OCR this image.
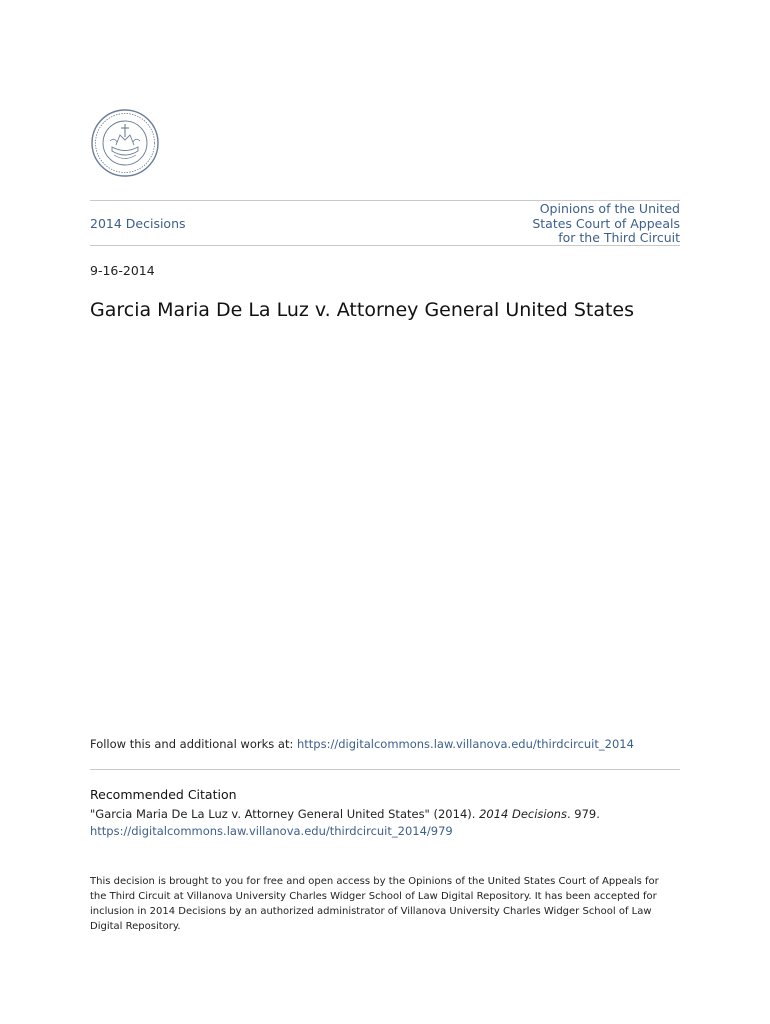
2014 Decisions
Opinions of the United
States Court of Appeals
for the Third Circuit
9-16-2014
Garcia Maria De La Luz v. Attorney General United States
Follow this and additional works at: https://digitalcommons.law.villanova.edu/thirdcircuit_2014
Recommended Citation
"Garcia Maria De La Luz v. Attorney General United States" (2014). 2014 Decisions. 979.
https://digitalcommons.law.villanova.edu/thirdcircuit_2014/979
This decision is brought to you for free and open access by the Opinions of the United States Court of Appeals for the Third Circuit at Villanova University Charles Widger School of Law Digital Repository. It has been accepted for inclusion in 2014 Decisions by an authorized administrator of Villanova University Charles Widger School of Law Digital Repository.
